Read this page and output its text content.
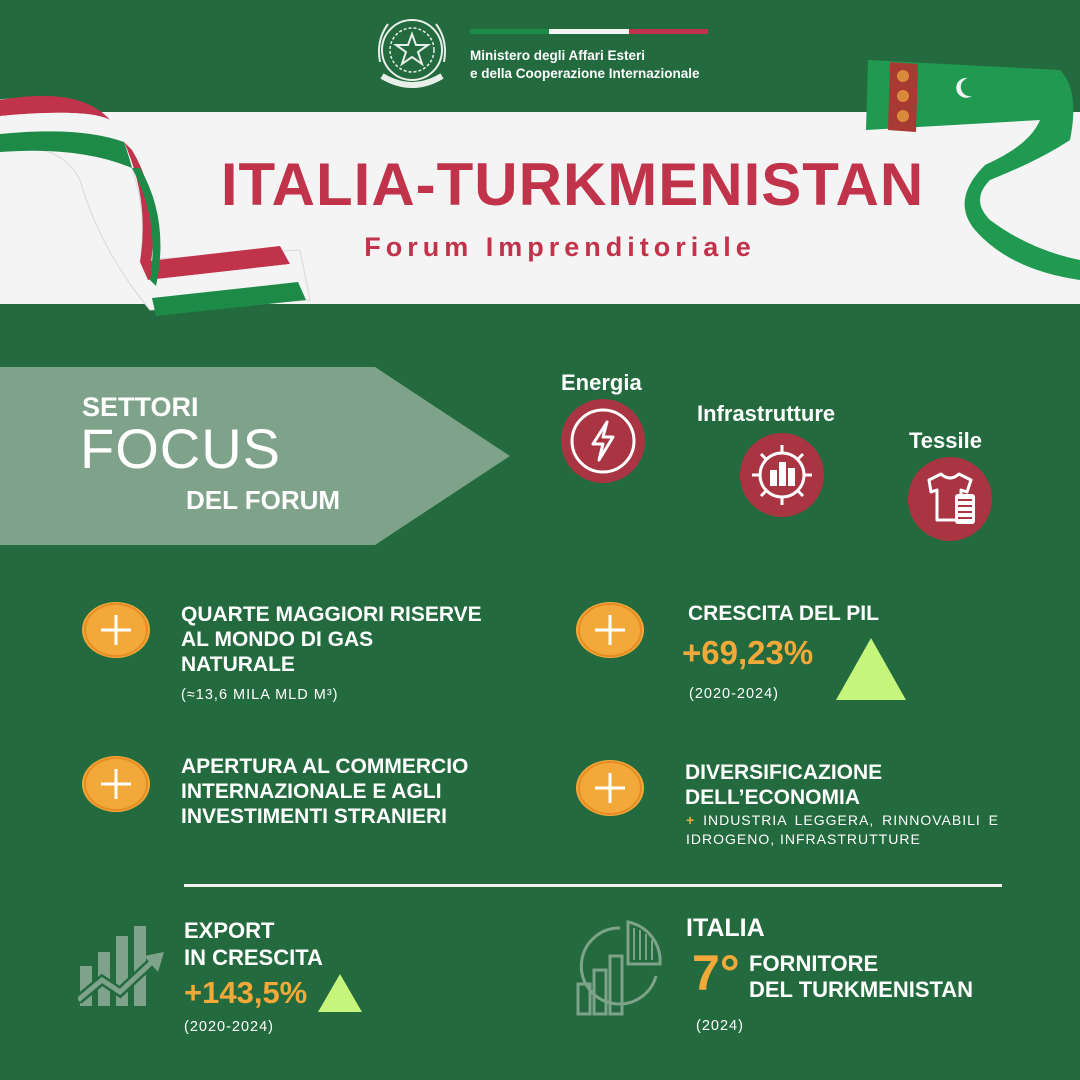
Ministero degli Affari Esteri
e della Cooperazione Internazionale
ITALIA-TURKMENISTAN
Forum Imprenditoriale
SETTORI
FOCUS
DEL FORUM
Energia
Infrastrutture
Tessile
QUARTE MAGGIORI RISERVE
AL MONDO DI GAS
NATURALE
(≈13,6 MILA MLD M³)
CRESCITA DEL PIL
+69,23%
(2020-2024)
APERTURA AL COMMERCIO
INTERNAZIONALE E AGLI
INVESTIMENTI STRANIERI
DIVERSIFICAZIONE
DELL’ECONOMIA
+ INDUSTRIA LEGGERA, RINNOVABILI E IDROGENO, INFRASTRUTTURE
EXPORT
IN CRESCITA
+143,5%
(2020-2024)
ITALIA
7° FORNITORE
DEL TURKMENISTAN
(2024)
